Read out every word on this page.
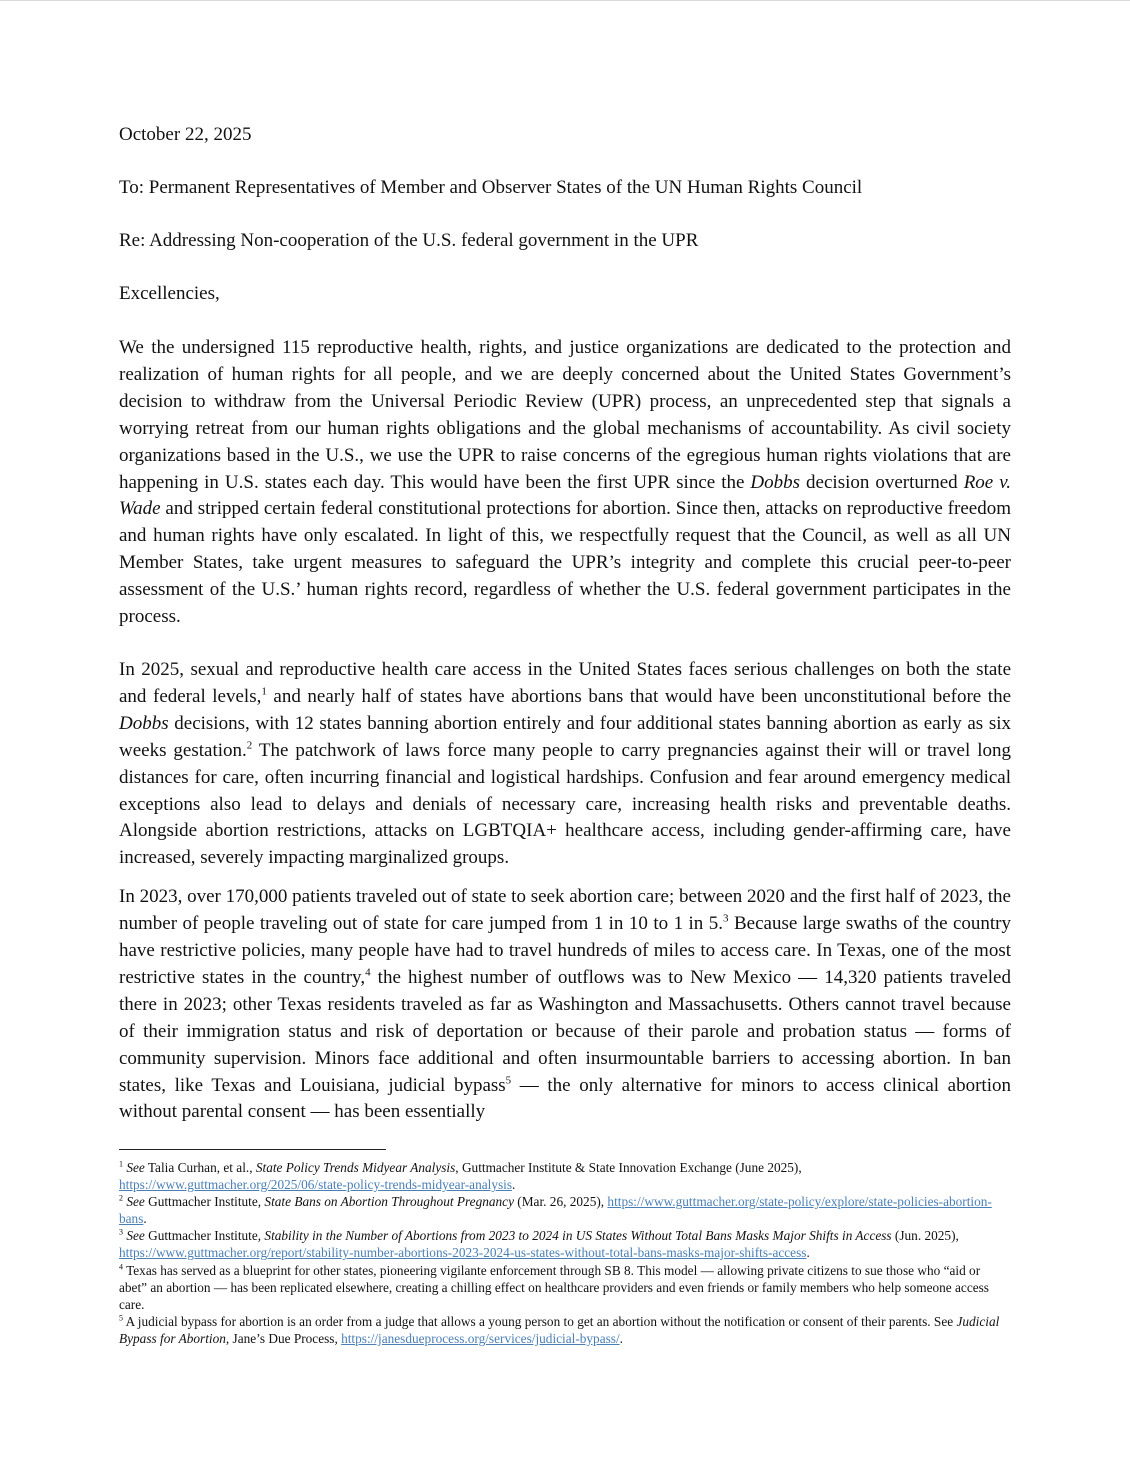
October 22, 2025

To: Permanent Representatives of Member and Observer States of the UN Human Rights Council

Re: Addressing Non-cooperation of the U.S. federal government in the UPR

Excellencies,

We the undersigned 115 reproductive health, rights, and justice organizations are dedicated to the protection and realization of human rights for all people, and we are deeply concerned about the United States Government’s decision to withdraw from the Universal Periodic Review (UPR) process, an unprecedented step that signals a worrying retreat from our human rights obligations and the global mechanisms of accountability. As civil society organizations based in the U.S., we use the UPR to raise concerns of the egregious human rights violations that are happening in U.S. states each day. This would have been the first UPR since the Dobbs decision overturned Roe v. Wade and stripped certain federal constitutional protections for abortion. Since then, attacks on reproductive freedom and human rights have only escalated. In light of this, we respectfully request that the Council, as well as all UN Member States, take urgent measures to safeguard the UPR’s integrity and complete this crucial peer-to-peer assessment of the U.S.’ human rights record, regardless of whether the U.S. federal government participates in the process.

In 2025, sexual and reproductive health care access in the United States faces serious challenges on both the state and federal levels,$^1$ and nearly half of states have abortions bans that would have been unconstitutional before the Dobbs decisions, with 12 states banning abortion entirely and four additional states banning abortion as early as six weeks gestation.$^2$ The patchwork of laws force many people to carry pregnancies against their will or travel long distances for care, often incurring financial and logistical hardships. Confusion and fear around emergency medical exceptions also lead to delays and denials of necessary care, increasing health risks and preventable deaths. Alongside abortion restrictions, attacks on LGBTQIA+ healthcare access, including gender-affirming care, have increased, severely impacting marginalized groups.

In 2023, over 170,000 patients traveled out of state to seek abortion care; between 2020 and the first half of 2023, the number of people traveling out of state for care jumped from 1 in 10 to 1 in 5.$^3$ Because large swaths of the country have restrictive policies, many people have had to travel hundreds of miles to access care. In Texas, one of the most restrictive states in the country,$^4$ the highest number of outflows was to New Mexico — 14,320 patients traveled there in 2023; other Texas residents traveled as far as Washington and Massachusetts. Others cannot travel because of their immigration status and risk of deportation or because of their parole and probation status — forms of community supervision. Minors face additional and often insurmountable barriers to accessing abortion. In ban states, like Texas and Louisiana, judicial bypass$^5$ — the only alternative for minors to access clinical abortion without parental consent — has been essentially

$^1$ See Talia Curhan, et al., State Policy Trends Midyear Analysis, Guttmacher Institute & State Innovation Exchange (June 2025), https://www.guttmacher.org/2025/06/state-policy-trends-midyear-analysis.

$^2$ See Guttmacher Institute, State Bans on Abortion Throughout Pregnancy (Mar. 26, 2025), https://www.guttmacher.org/state-policy/explore/state-policies-abortion-bans.

$^3$ See Guttmacher Institute, Stability in the Number of Abortions from 2023 to 2024 in US States Without Total Bans Masks Major Shifts in Access (Jun. 2025), https://www.guttmacher.org/report/stability-number-abortions-2023-2024-us-states-without-total-bans-masks-major-shifts-access.

$^4$ Texas has served as a blueprint for other states, pioneering vigilante enforcement through SB 8. This model — allowing private citizens to sue those who “aid or abet” an abortion — has been replicated elsewhere, creating a chilling effect on healthcare providers and even friends or family members who help someone access care.

$^5$ A judicial bypass for abortion is an order from a judge that allows a young person to get an abortion without the notification or consent of their parents. See Judicial Bypass for Abortion, Jane’s Due Process, https://janesdueprocess.org/services/judicial-bypass/.
